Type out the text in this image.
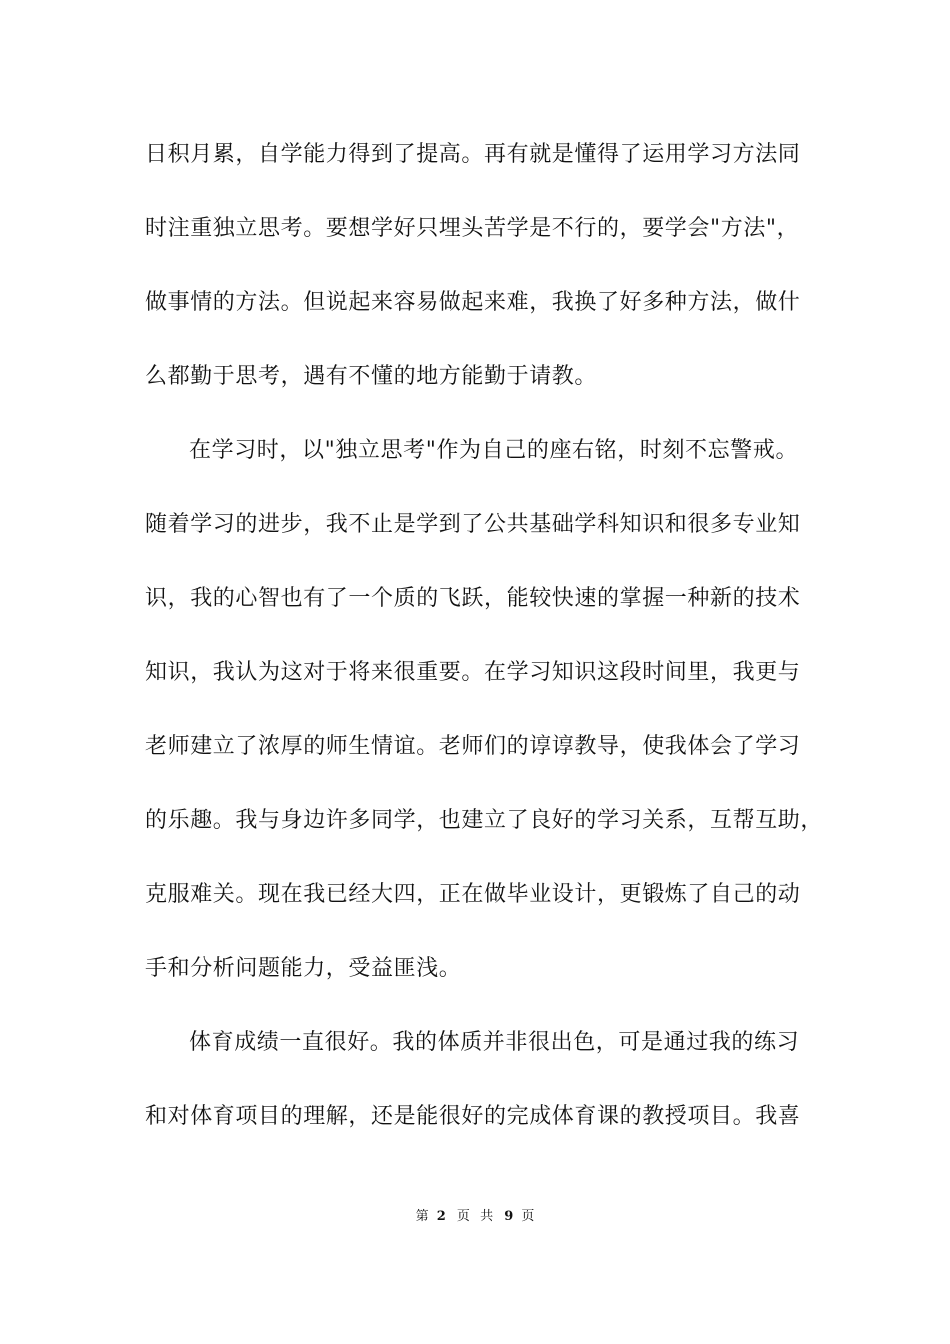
日积月累，自学能力得到了提高。再有就是懂得了运用学习方法同
时注重独立思考。要想学好只埋头苦学是不行的，要学会"方法"，
做事情的方法。但说起来容易做起来难，我换了好多种方法，做什
么都勤于思考，遇有不懂的地方能勤于请教。
在学习时，以"独立思考"作为自己的座右铭，时刻不忘警戒。
随着学习的进步，我不止是学到了公共基础学科知识和很多专业知
识，我的心智也有了一个质的飞跃，能较快速的掌握一种新的技术
知识，我认为这对于将来很重要。在学习知识这段时间里，我更与
老师建立了浓厚的师生情谊。老师们的谆谆教导，使我体会了学习
的乐趣。我与身边许多同学，也建立了良好的学习关系，互帮互助，
克服难关。现在我已经大四，正在做毕业设计，更锻炼了自己的动
手和分析问题能力，受益匪浅。
体育成绩一直很好。我的体质并非很出色，可是通过我的练习
和对体育项目的理解，还是能很好的完成体育课的教授项目。我喜
第 2 页 共 9 页
